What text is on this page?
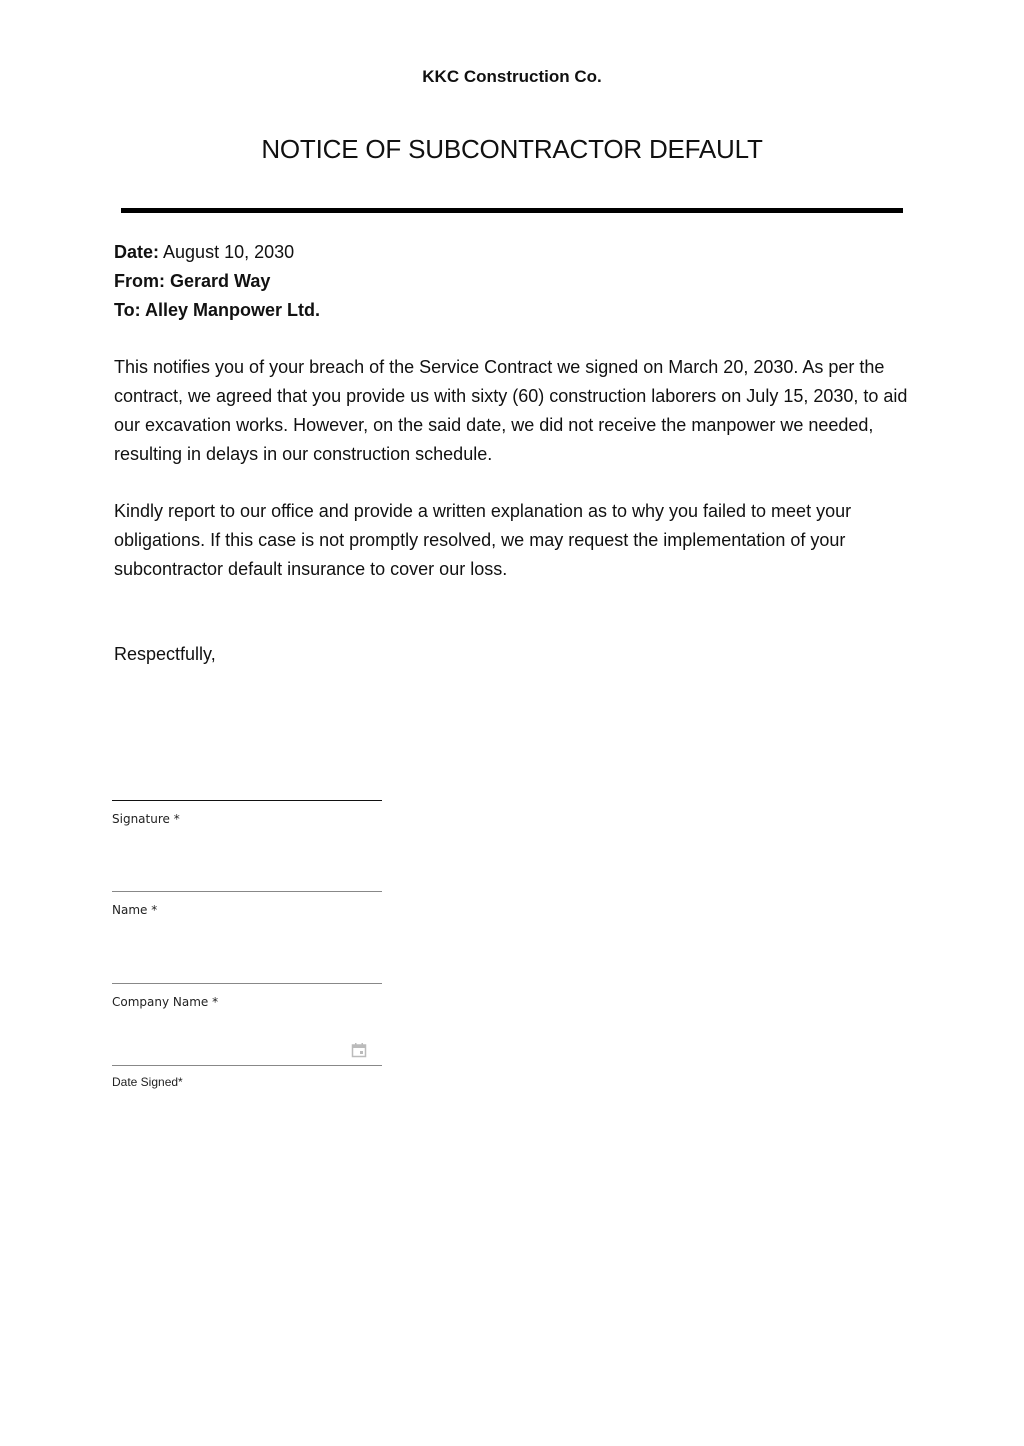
KKC Construction Co.
NOTICE OF SUBCONTRACTOR DEFAULT
Date: August 10, 2030
From: Gerard Way
To: Alley Manpower Ltd.
This notifies you of your breach of the Service Contract we signed on March 20, 2030. As per the contract, we agreed that you provide us with sixty (60) construction laborers on July 15, 2030, to aid our excavation works. However, on the said date, we did not receive the manpower we needed, resulting in delays in our construction schedule.
Kindly report to our office and provide a written explanation as to why you failed to meet your obligations. If this case is not promptly resolved, we may request the implementation of your subcontractor default insurance to cover our loss.
Respectfully,
Signature *
Name *
Company Name *
Date Signed*
